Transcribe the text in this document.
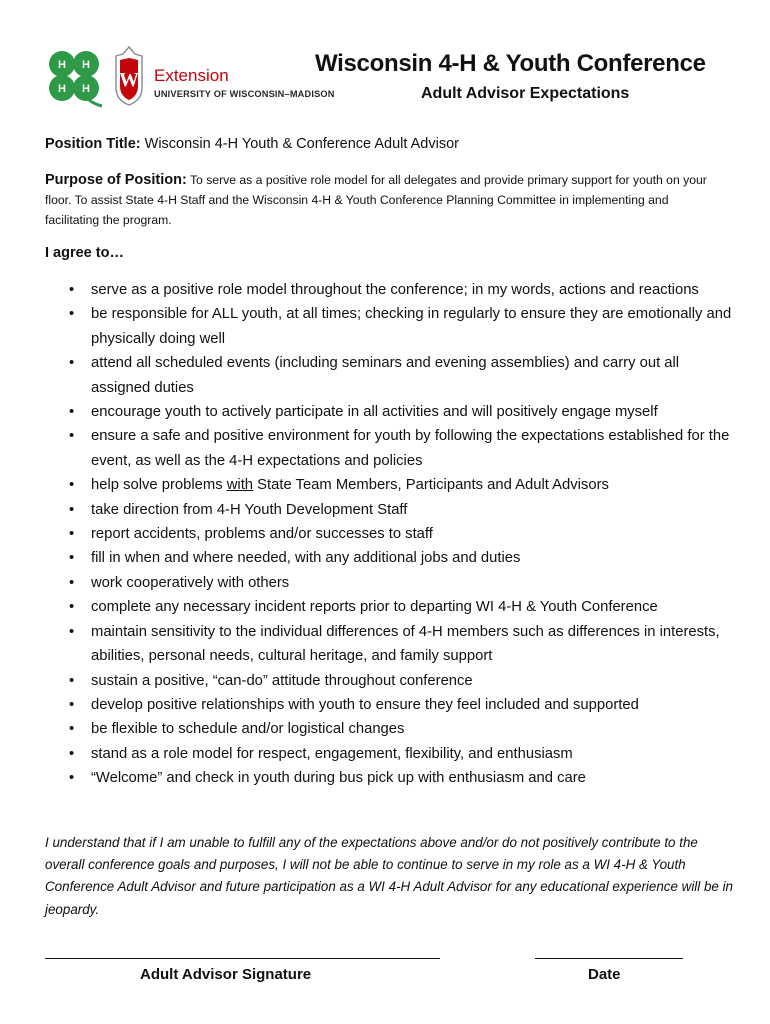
H H
H H W Extension
UNIVERSITY OF WISCONSIN–MADISON
Wisconsin 4-H & Youth Conference
Adult Advisor Expectations
Position Title: Wisconsin 4-H Youth & Conference Adult Advisor
Purpose of Position: To serve as a positive role model for all delegates and provide primary support for youth on your floor. To assist State 4-H Staff and the Wisconsin 4-H & Youth Conference Planning Committee in implementing and facilitating the program.
I agree to…
• serve as a positive role model throughout the conference; in my words, actions and reactions
• be responsible for ALL youth, at all times; checking in regularly to ensure they are emotionally and physically doing well
• attend all scheduled events (including seminars and evening assemblies) and carry out all assigned duties
• encourage youth to actively participate in all activities and will positively engage myself
• ensure a safe and positive environment for youth by following the expectations established for the event, as well as the 4-H expectations and policies
• help solve problems with State Team Members, Participants and Adult Advisors
• take direction from 4-H Youth Development Staff
• report accidents, problems and/or successes to staff
• fill in when and where needed, with any additional jobs and duties
• work cooperatively with others
• complete any necessary incident reports prior to departing WI 4-H & Youth Conference
• maintain sensitivity to the individual differences of 4-H members such as differences in interests, abilities, personal needs, cultural heritage, and family support
• sustain a positive, “can-do” attitude throughout conference
• develop positive relationships with youth to ensure they feel included and supported
• be flexible to schedule and/or logistical changes
• stand as a role model for respect, engagement, flexibility, and enthusiasm
• “Welcome” and check in youth during bus pick up with enthusiasm and care
I understand that if I am unable to fulfill any of the expectations above and/or do not positively contribute to the overall conference goals and purposes, I will not be able to continue to serve in my role as a WI 4-H & Youth Conference Adult Advisor and future participation as a WI 4-H Adult Advisor for any educational experience will be in jeopardy.
Adult Advisor Signature	Date
